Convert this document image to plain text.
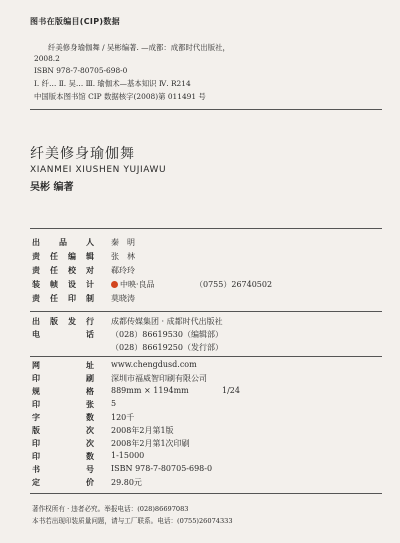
图书在版编目(CIP)数据
纤美修身瑜伽舞 / 吴彬编著. —成都：成都时代出版社，
2008.2
ISBN 978-7-80705-698-0
Ⅰ. 纤… Ⅱ. 吴… Ⅲ. 瑜伽术—基本知识 Ⅳ. R214
中国版本图书馆 CIP 数据核字(2008)第 011491 号
纤美修身瑜伽舞
XIANMEI XIUSHEN YUJIAWU
吴彬 编著
出 品 人 秦　明
责 任 编 辑 张　林
责 任 校 对 郗玲玲
装 帧 设 计	中映·良品	（0755）26740502
责 任 印 制 莫晓涛
出 版 发 行 成都传媒集团 · 成都时代出版社
电	话 （028）86619530（编辑部）
（028）86619250（发行部）
网	址 www.chengdusd.com
印	刷 深圳市福威智印刷有限公司
规	格 889mm × 1194mm	1/24
印	张 5
字	数 120千
版	次 2008年2月第1版
印	次 2008年2月第1次印刷
印	数 1-15000
书	号 ISBN 978-7-80705-698-0
定	价 29.80元
著作权所有 · 违者必究。举报电话：(028)86697083
本书若出现印装质量问题，请与工厂联系。电话：(0755)26074333
